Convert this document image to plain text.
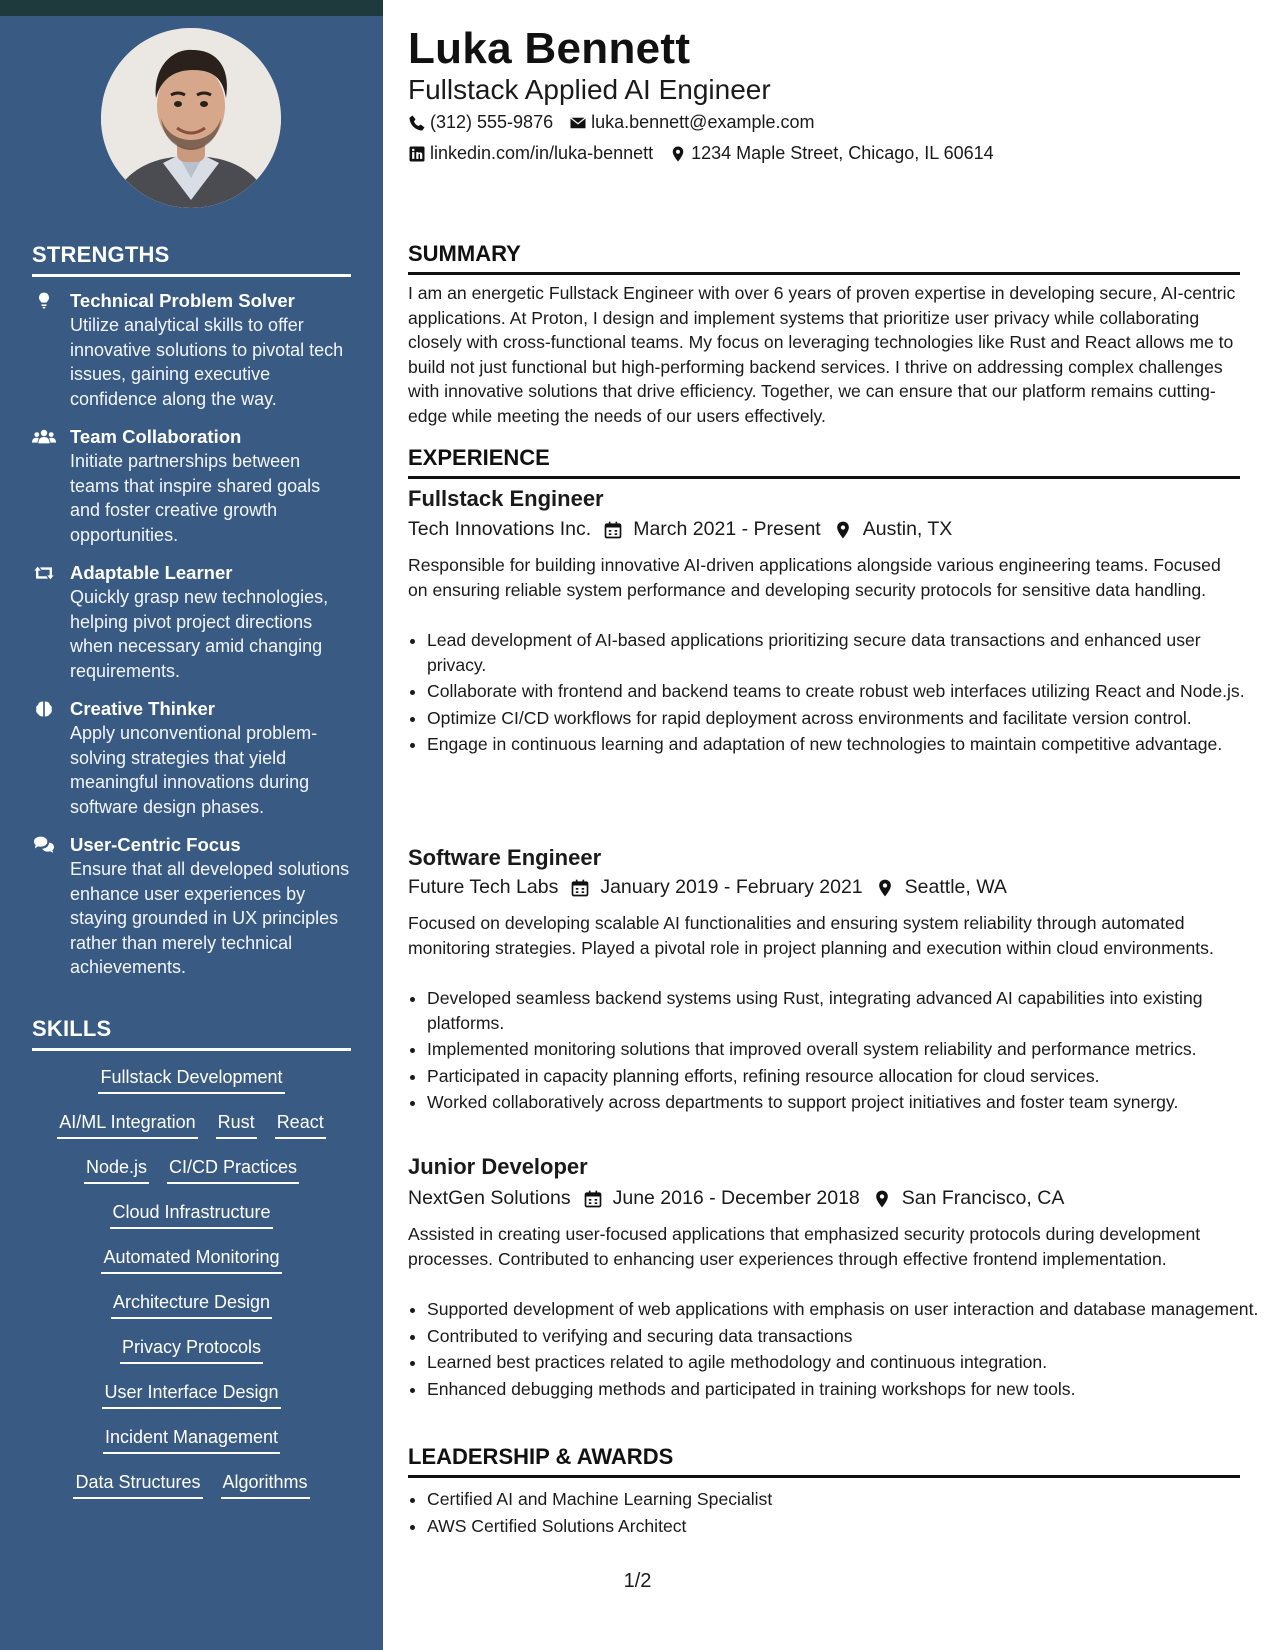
STRENGTHS
Technical Problem Solver
Utilize analytical skills to offer innovative solutions to pivotal tech issues, gaining executive confidence along the way.
Team Collaboration
Initiate partnerships between teams that inspire shared goals and foster creative growth opportunities.
Adaptable Learner
Quickly grasp new technologies, helping pivot project directions when necessary amid changing requirements.
Creative Thinker
Apply unconventional problem-solving strategies that yield meaningful innovations during software design phases.
User-Centric Focus
Ensure that all developed solutions enhance user experiences by staying grounded in UX principles rather than merely technical achievements.
SKILLS
Fullstack Development
AI/ML Integration Rust React
Node.js CI/CD Practices
Cloud Infrastructure
Automated Monitoring
Architecture Design
Privacy Protocols
User Interface Design
Incident Management
Data Structures Algorithms
Luka Bennett
Fullstack Applied AI Engineer
(312) 555-9876 luka.bennett@example.com
linkedin.com/in/luka-bennett 1234 Maple Street, Chicago, IL 60614
SUMMARY

I am an energetic Fullstack Engineer with over 6 years of proven expertise in developing secure, AI-centric applications. At Proton, I design and implement systems that prioritize user privacy while collaborating closely with cross-functional teams. My focus on leveraging technologies like Rust and React allows me to build not just functional but high-performing backend services. I thrive on addressing complex challenges with innovative solutions that drive efficiency. Together, we can ensure that our platform remains cutting-edge while meeting the needs of our users effectively.

EXPERIENCE
Fullstack Engineer
Tech Innovations Inc. March 2021 - Present Austin, TX

Responsible for building innovative AI-driven applications alongside various engineering teams. Focused on ensuring reliable system performance and developing security protocols for sensitive data handling.

• Lead development of AI-based applications prioritizing secure data transactions and enhanced user privacy.
• Collaborate with frontend and backend teams to create robust web interfaces utilizing React and Node.js.
• Optimize CI/CD workflows for rapid deployment across environments and facilitate version control.
• Engage in continuous learning and adaptation of new technologies to maintain competitive advantage.
Software Engineer
Future Tech Labs January 2019 - February 2021 Seattle, WA

Focused on developing scalable AI functionalities and ensuring system reliability through automated monitoring strategies. Played a pivotal role in project planning and execution within cloud environments.

• Developed seamless backend systems using Rust, integrating advanced AI capabilities into existing platforms.
• Implemented monitoring solutions that improved overall system reliability and performance metrics.
• Participated in capacity planning efforts, refining resource allocation for cloud services.
• Worked collaboratively across departments to support project initiatives and foster team synergy.
Junior Developer
NextGen Solutions June 2016 - December 2018 San Francisco, CA

Assisted in creating user-focused applications that emphasized security protocols during development processes. Contributed to enhancing user experiences through effective frontend implementation.

• Supported development of web applications with emphasis on user interaction and database management.
• Contributed to verifying and securing data transactions
• Learned best practices related to agile methodology and continuous integration.
• Enhanced debugging methods and participated in training workshops for new tools.
LEADERSHIP & AWARDS
• Certified AI and Machine Learning Specialist
• AWS Certified Solutions Architect
1/2
